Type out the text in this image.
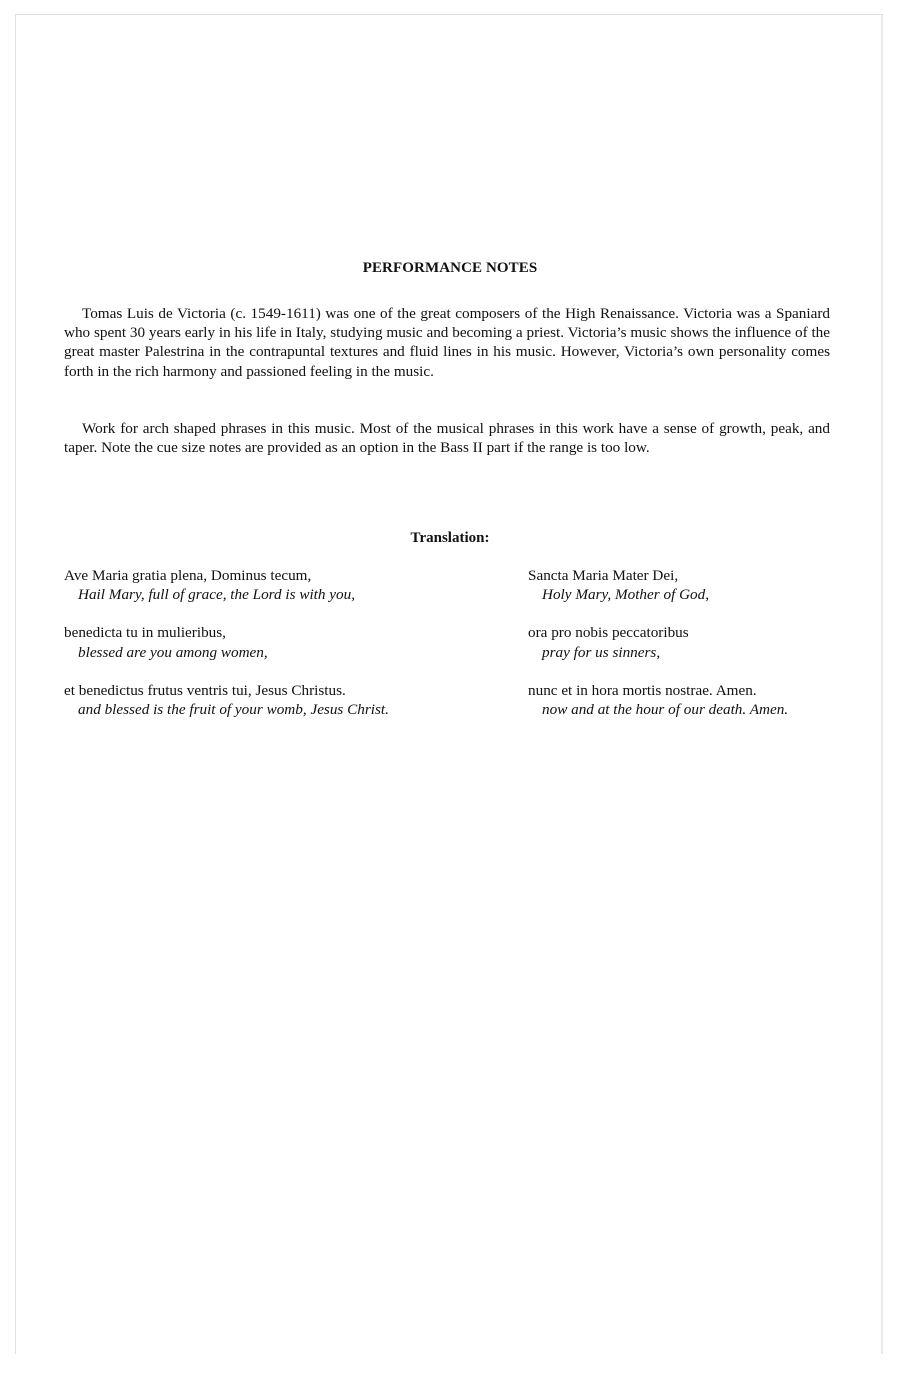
PERFORMANCE NOTES

Tomas Luis de Victoria (c. 1549-1611) was one of the great composers of the High Renaissance. Victoria was a Spaniard who spent 30 years early in his life in Italy, studying music and becoming a priest. Victoria’s music shows the influence of the great master Palestrina in the contrapuntal textures and fluid lines in his music. However, Victoria’s own personality comes forth in the rich harmony and passioned feeling in the music.

Work for arch shaped phrases in this music. Most of the musical phrases in this work have a sense of growth, peak, and taper. Note the cue size notes are provided as an option in the Bass II part if the range is too low.

Translation:
Ave Maria gratia plena, Dominus tecum,
Hail Mary, full of grace, the Lord is with you,
benedicta tu in mulieribus,
blessed are you among women,
et benedictus frutus ventris tui, Jesus Christus.
and blessed is the fruit of your womb, Jesus Christ.
Sancta Maria Mater Dei,
Holy Mary, Mother of God,
ora pro nobis peccatoribus
pray for us sinners,
nunc et in hora mortis nostrae. Amen.
now and at the hour of our death. Amen.
